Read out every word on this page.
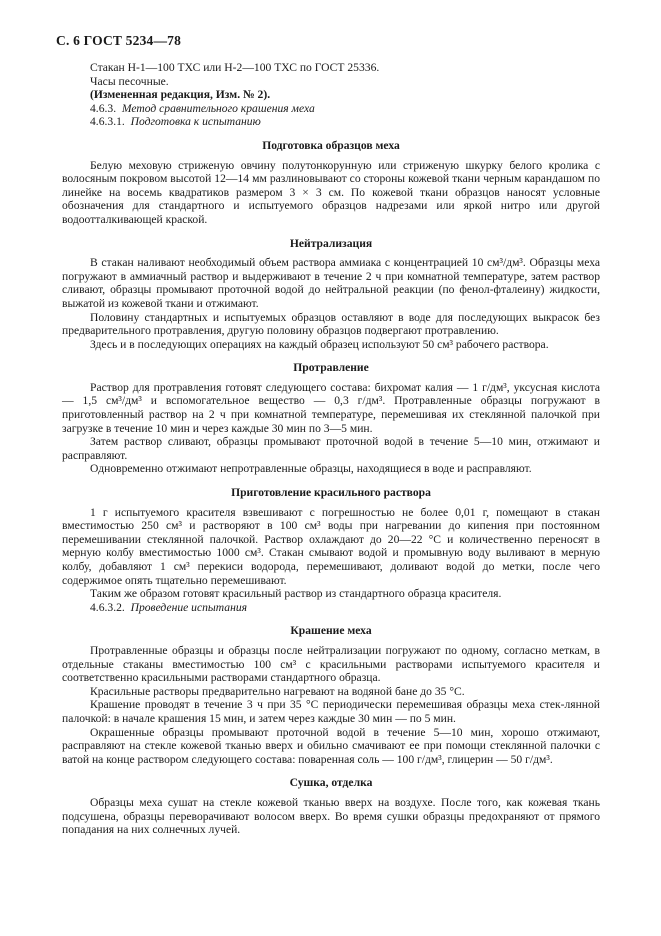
С. 6 ГОСТ 5234—78

Стакан Н-1—100 ТХС или Н-2—100 ТХС по ГОСТ 25336.

Часы песочные.

(Измененная редакция, Изм. № 2).

4.6.3. Метод сравнительного крашения меха

4.6.3.1. Подготовка к испытанию

Подготовка образцов меха

Белую меховую стриженую овчину полутонкорунную или стриженую шкурку белого кролика с волосяным покровом высотой 12—14 мм разлиновывают со стороны кожевой ткани черным карандашом по линейке на восемь квадратиков размером 3 × 3 см. По кожевой ткани образцов наносят условные обозначения для стандартного и испытуемого образцов надрезами или яркой нитро или другой водоотталкивающей краской.

Нейтрализация

В стакан наливают необходимый объем раствора аммиака с концентрацией 10 см³/дм³. Образцы меха погружают в аммиачный раствор и выдерживают в течение 2 ч при комнатной температуре, затем раствор сливают, образцы промывают проточной водой до нейтральной реакции (по фенол-фталеину) жидкости, выжатой из кожевой ткани и отжимают.

Половину стандартных и испытуемых образцов оставляют в воде для последующих выкрасок без предварительного протравления, другую половину образцов подвергают протравлению.

Здесь и в последующих операциях на каждый образец используют 50 см³ рабочего раствора.

Протравление

Раствор для протравления готовят следующего состава: бихромат калия — 1 г/дм³, уксусная кислота — 1,5 см³/дм³ и вспомогательное вещество — 0,3 г/дм³. Протравленные образцы погружают в приготовленный раствор на 2 ч при комнатной температуре, перемешивая их стеклянной палочкой при загрузке в течение 10 мин и через каждые 30 мин по 3—5 мин.

Затем раствор сливают, образцы промывают проточной водой в течение 5—10 мин, отжимают и расправляют.

Одновременно отжимают непротравленные образцы, находящиеся в воде и расправляют.

Приготовление красильного раствора

1 г испытуемого красителя взвешивают с погрешностью не более 0,01 г, помещают в стакан вместимостью 250 см³ и растворяют в 100 см³ воды при нагревании до кипения при постоянном перемешивании стеклянной палочкой. Раствор охлаждают до 20—22 °С и количественно переносят в мерную колбу вместимостью 1000 см³. Стакан смывают водой и промывную воду выливают в мерную колбу, добавляют 1 см³ перекиси водорода, перемешивают, доливают водой до метки, после чего содержимое опять тщательно перемешивают.

Таким же образом готовят красильный раствор из стандартного образца красителя.

4.6.3.2. Проведение испытания

Крашение меха

Протравленные образцы и образцы после нейтрализации погружают по одному, согласно меткам, в отдельные стаканы вместимостью 100 см³ с красильными растворами испытуемого красителя и соответственно красильными растворами стандартного образца.

Красильные растворы предварительно нагревают на водяной бане до 35 °С.

Крашение проводят в течение 3 ч при 35 °С периодически перемешивая образцы меха стек-лянной палочкой: в начале крашения 15 мин, и затем через каждые 30 мин — по 5 мин.

Окрашенные образцы промывают проточной водой в течение 5—10 мин, хорошо отжимают, расправляют на стекле кожевой тканью вверх и обильно смачивают ее при помощи стеклянной палочки с ватой на конце раствором следующего состава: поваренная соль — 100 г/дм³, глицерин — 50 г/дм³.

Сушка, отделка

Образцы меха сушат на стекле кожевой тканью вверх на воздухе. После того, как кожевая ткань подсушена, образцы переворачивают волосом вверх. Во время сушки образцы предохраняют от прямого попадания на них солнечных лучей.
